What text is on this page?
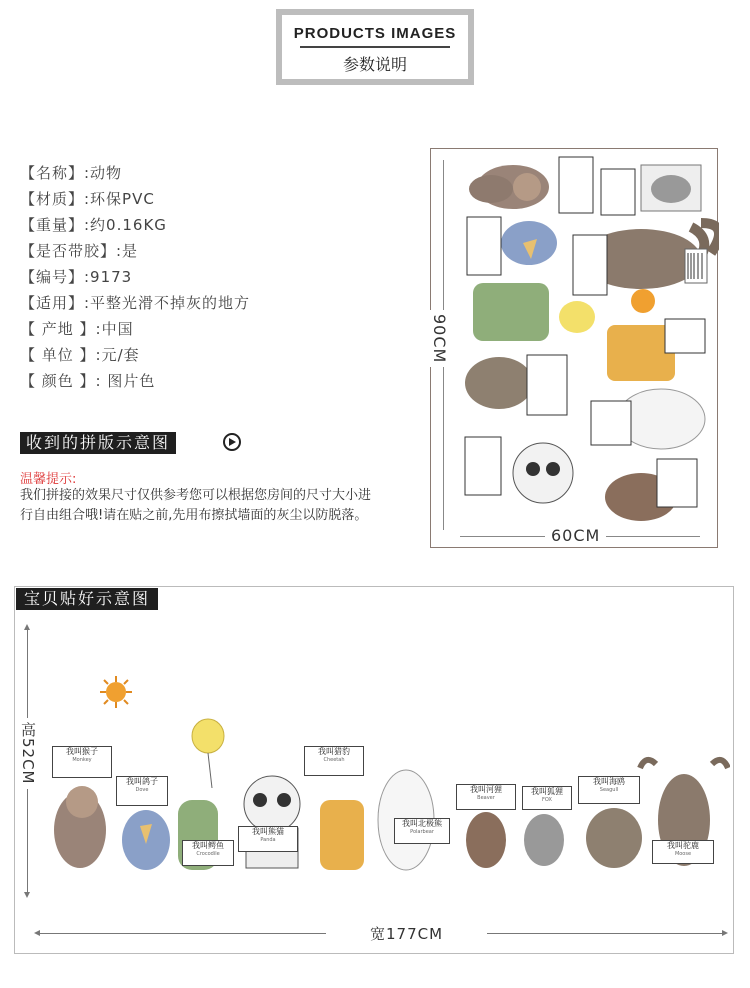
PRODUCTS IMAGES
参数说明
【名称】:动物
【材质】:环保PVC
【重量】:约0.16KG
【是否带胶】:是
【编号】:9173
【适用】:平整光滑不掉灰的地方
【 产地 】:中国
【 单位 】:元/套
【 颜色 】: 图片色
收到的拼版示意图
温馨提示:
我们拼接的效果尺寸仅供参考您可以根据您房间的尺寸大小进行自由组合哦!请在贴之前,先用布擦拭墙面的灰尘以防脱落。
90CM
60CM
宝贝贴好示意图
高52CM
宽177CM
我叫猴子
Monkey
我叫鸽子
Dove
我叫鳄鱼
Crocodile
我叫熊猫
Panda
我叫猎豹
Cheetah
我叫北极熊
Polarbear
我叫河狸
Beaver
我叫狐狸
FOX
我叫海鸥
Seagull
我叫驼鹿
Moose
